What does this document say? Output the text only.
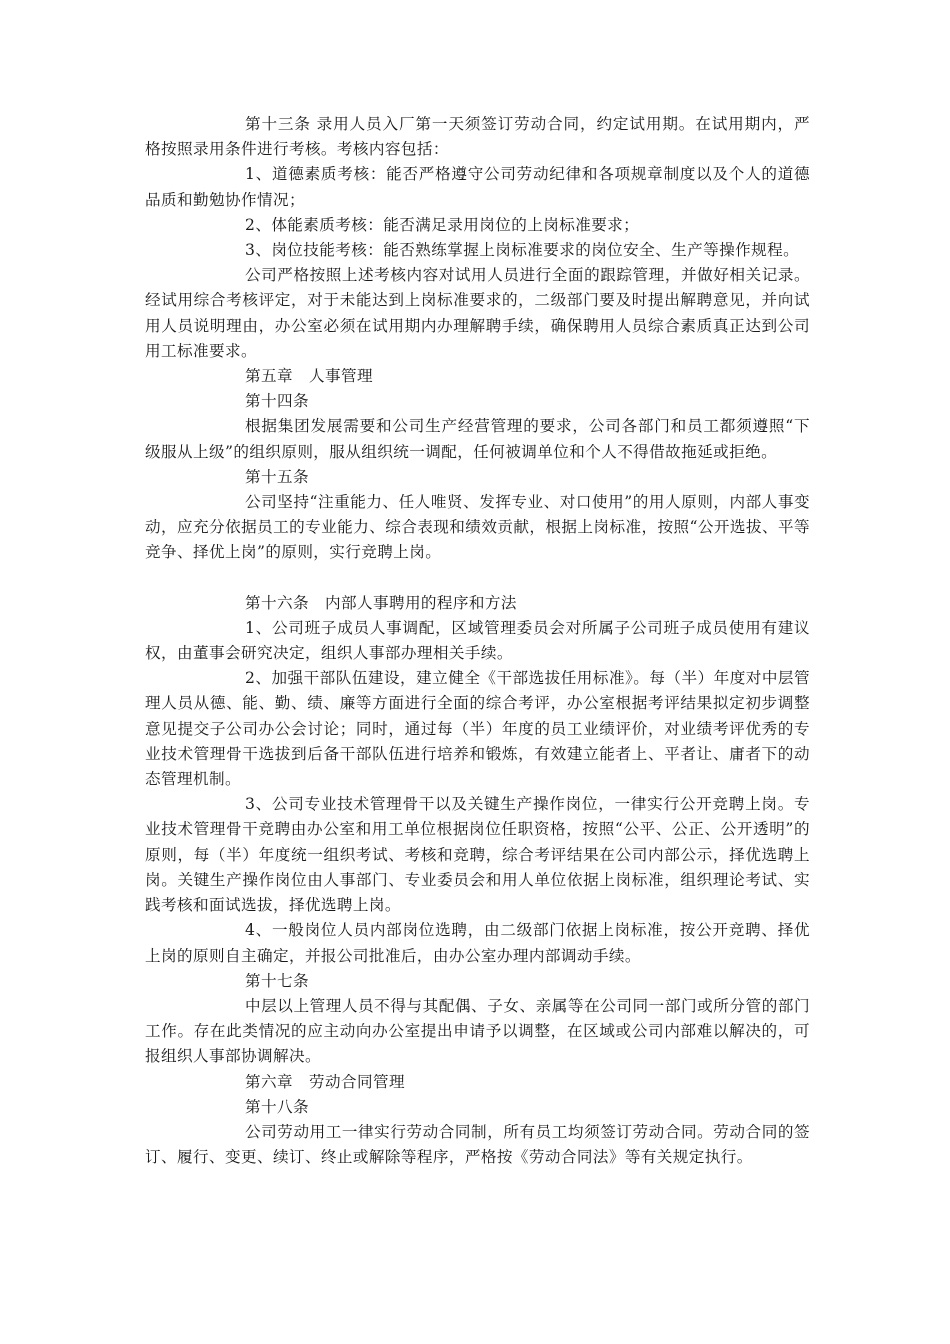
第十三条 录用人员入厂第一天须签订劳动合同，约定试用期。在试用期内，严格按照录用条件进行考核。考核内容包括：

1、道德素质考核：能否严格遵守公司劳动纪律和各项规章制度以及个人的道德品质和勤勉协作情况；

2、体能素质考核：能否满足录用岗位的上岗标准要求；

3、岗位技能考核：能否熟练掌握上岗标准要求的岗位安全、生产等操作规程。

公司严格按照上述考核内容对试用人员进行全面的跟踪管理，并做好相关记录。经试用综合考核评定，对于未能达到上岗标准要求的，二级部门要及时提出解聘意见，并向试用人员说明理由，办公室必须在试用期内办理解聘手续，确保聘用人员综合素质真正达到公司用工标准要求。

第五章　人事管理

第十四条

根据集团发展需要和公司生产经营管理的要求，公司各部门和员工都须遵照“下级服从上级”的组织原则，服从组织统一调配，任何被调单位和个人不得借故拖延或拒绝。

第十五条

公司坚持“注重能力、任人唯贤、发挥专业、对口使用”的用人原则，内部人事变动，应充分依据员工的专业能力、综合表现和绩效贡献，根据上岗标准，按照“公开选拔、平等竞争、择优上岗”的原则，实行竞聘上岗。

第十六条　内部人事聘用的程序和方法

1、公司班子成员人事调配，区域管理委员会对所属子公司班子成员使用有建议权，由董事会研究决定，组织人事部办理相关手续。

2、加强干部队伍建设，建立健全《干部选拔任用标准》。每（半）年度对中层管理人员从德、能、勤、绩、廉等方面进行全面的综合考评，办公室根据考评结果拟定初步调整意见提交子公司办公会讨论；同时，通过每（半）年度的员工业绩评价，对业绩考评优秀的专业技术管理骨干选拔到后备干部队伍进行培养和锻炼，有效建立能者上、平者让、庸者下的动态管理机制。

3、公司专业技术管理骨干以及关键生产操作岗位，一律实行公开竞聘上岗。专业技术管理骨干竞聘由办公室和用工单位根据岗位任职资格，按照“公平、公正、公开透明”的原则，每（半）年度统一组织考试、考核和竞聘，综合考评结果在公司内部公示，择优选聘上岗。关键生产操作岗位由人事部门、专业委员会和用人单位依据上岗标准，组织理论考试、实践考核和面试选拔，择优选聘上岗。

4、一般岗位人员内部岗位选聘，由二级部门依据上岗标准，按公开竞聘、择优上岗的原则自主确定，并报公司批准后，由办公室办理内部调动手续。

第十七条

中层以上管理人员不得与其配偶、子女、亲属等在公司同一部门或所分管的部门工作。存在此类情况的应主动向办公室提出申请予以调整，在区域或公司内部难以解决的，可报组织人事部协调解决。

第六章　劳动合同管理

第十八条

公司劳动用工一律实行劳动合同制，所有员工均须签订劳动合同。劳动合同的签订、履行、变更、续订、终止或解除等程序，严格按《劳动合同法》等有关规定执行。
